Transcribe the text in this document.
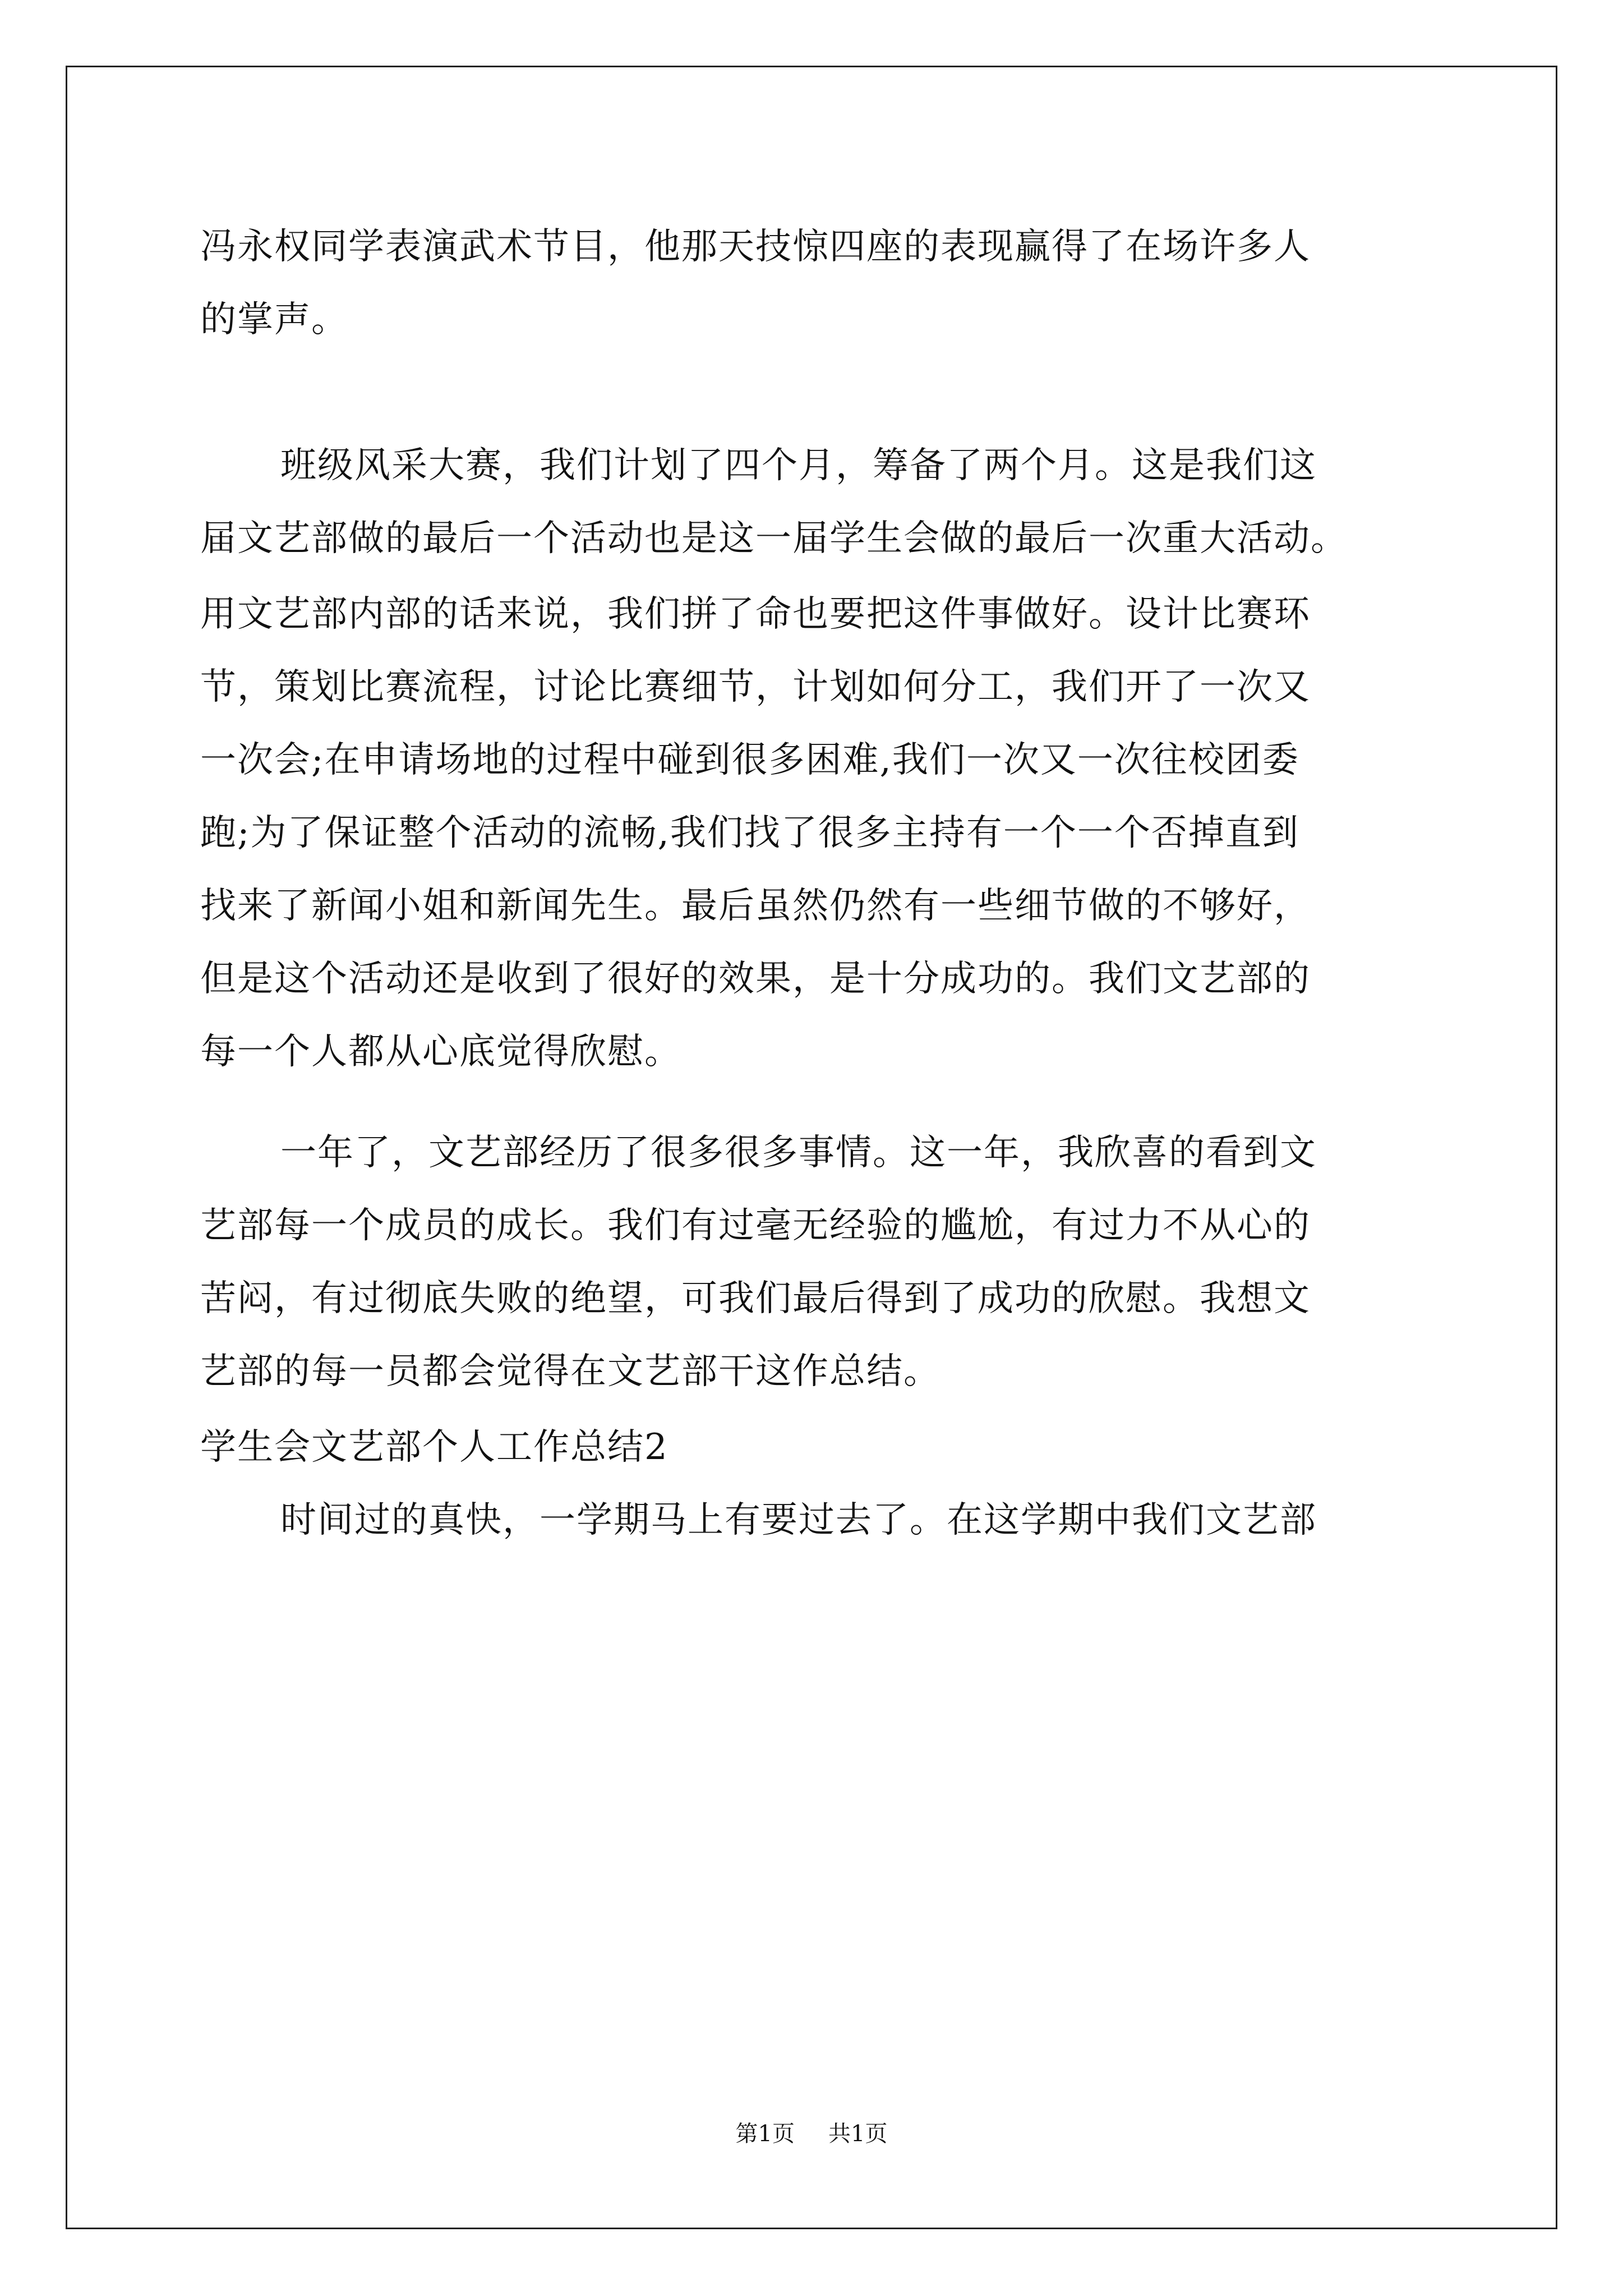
冯永权同学表演武术节目，他那天技惊四座的表现赢得了在场许多人
的掌声。
班级风采大赛，我们计划了四个月，筹备了两个月。这是我们这
届文艺部做的最后一个活动也是这一届学生会做的最后一次重大活动。
用文艺部内部的话来说，我们拼了命也要把这件事做好。设计比赛环
节，策划比赛流程，讨论比赛细节，计划如何分工，我们开了一次又
一次会;在申请场地的过程中碰到很多困难,我们一次又一次往校团委
跑;为了保证整个活动的流畅,我们找了很多主持有一个一个否掉直到
找来了新闻小姐和新闻先生。最后虽然仍然有一些细节做的不够好，
但是这个活动还是收到了很好的效果，是十分成功的。我们文艺部的
每一个人都从心底觉得欣慰。
一年了，文艺部经历了很多很多事情。这一年，我欣喜的看到文
艺部每一个成员的成长。我们有过毫无经验的尴尬，有过力不从心的
苦闷，有过彻底失败的绝望，可我们最后得到了成功的欣慰。我想文
艺部的每一员都会觉得在文艺部干这作总结。
学生会文艺部个人工作总结2
时间过的真快，一学期马上有要过去了。在这学期中我们文艺部
第1页 共1页
